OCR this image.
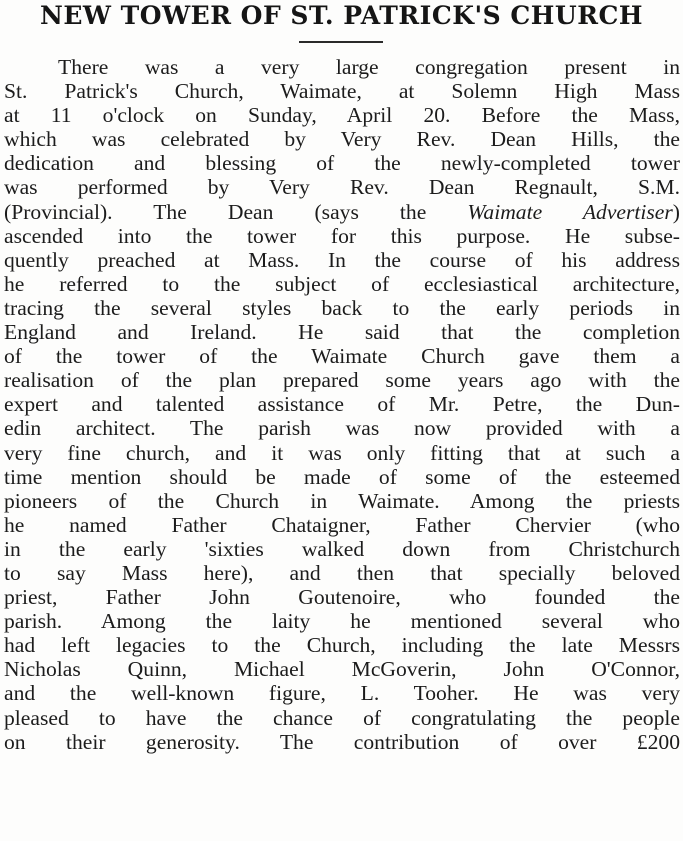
NEW TOWER OF ST. PATRICK'S CHURCH
There was a very large congregation present in
St. Patrick's Church, Waimate, at Solemn High Mass
at 11 o'clock on Sunday, April 20. Before the Mass,
which was celebrated by Very Rev. Dean Hills, the
dedication and blessing of the newly-completed tower
was performed by Very Rev. Dean Regnault, S.M.
(Provincial). The Dean (says the Waimate Advertiser)
ascended into the tower for this purpose. He subse-
quently preached at Mass. In the course of his address
he referred to the subject of ecclesiastical architecture,
tracing the several styles back to the early periods in
England and Ireland. He said that the completion
of the tower of the Waimate Church gave them a
realisation of the plan prepared some years ago with the
expert and talented assistance of Mr. Petre, the Dun-
edin architect. The parish was now provided with a
very fine church, and it was only fitting that at such a
time mention should be made of some of the esteemed
pioneers of the Church in Waimate. Among the priests
he named Father Chataigner, Father Chervier (who
in the early 'sixties walked down from Christchurch
to say Mass here), and then that specially beloved
priest, Father John Goutenoire, who founded the
parish. Among the laity he mentioned several who
had left legacies to the Church, including the late Messrs
Nicholas Quinn, Michael McGoverin, John O'Connor,
and the well-known figure, L. Tooher. He was very
pleased to have the chance of congratulating the people
on their generosity. The contribution of over £200
